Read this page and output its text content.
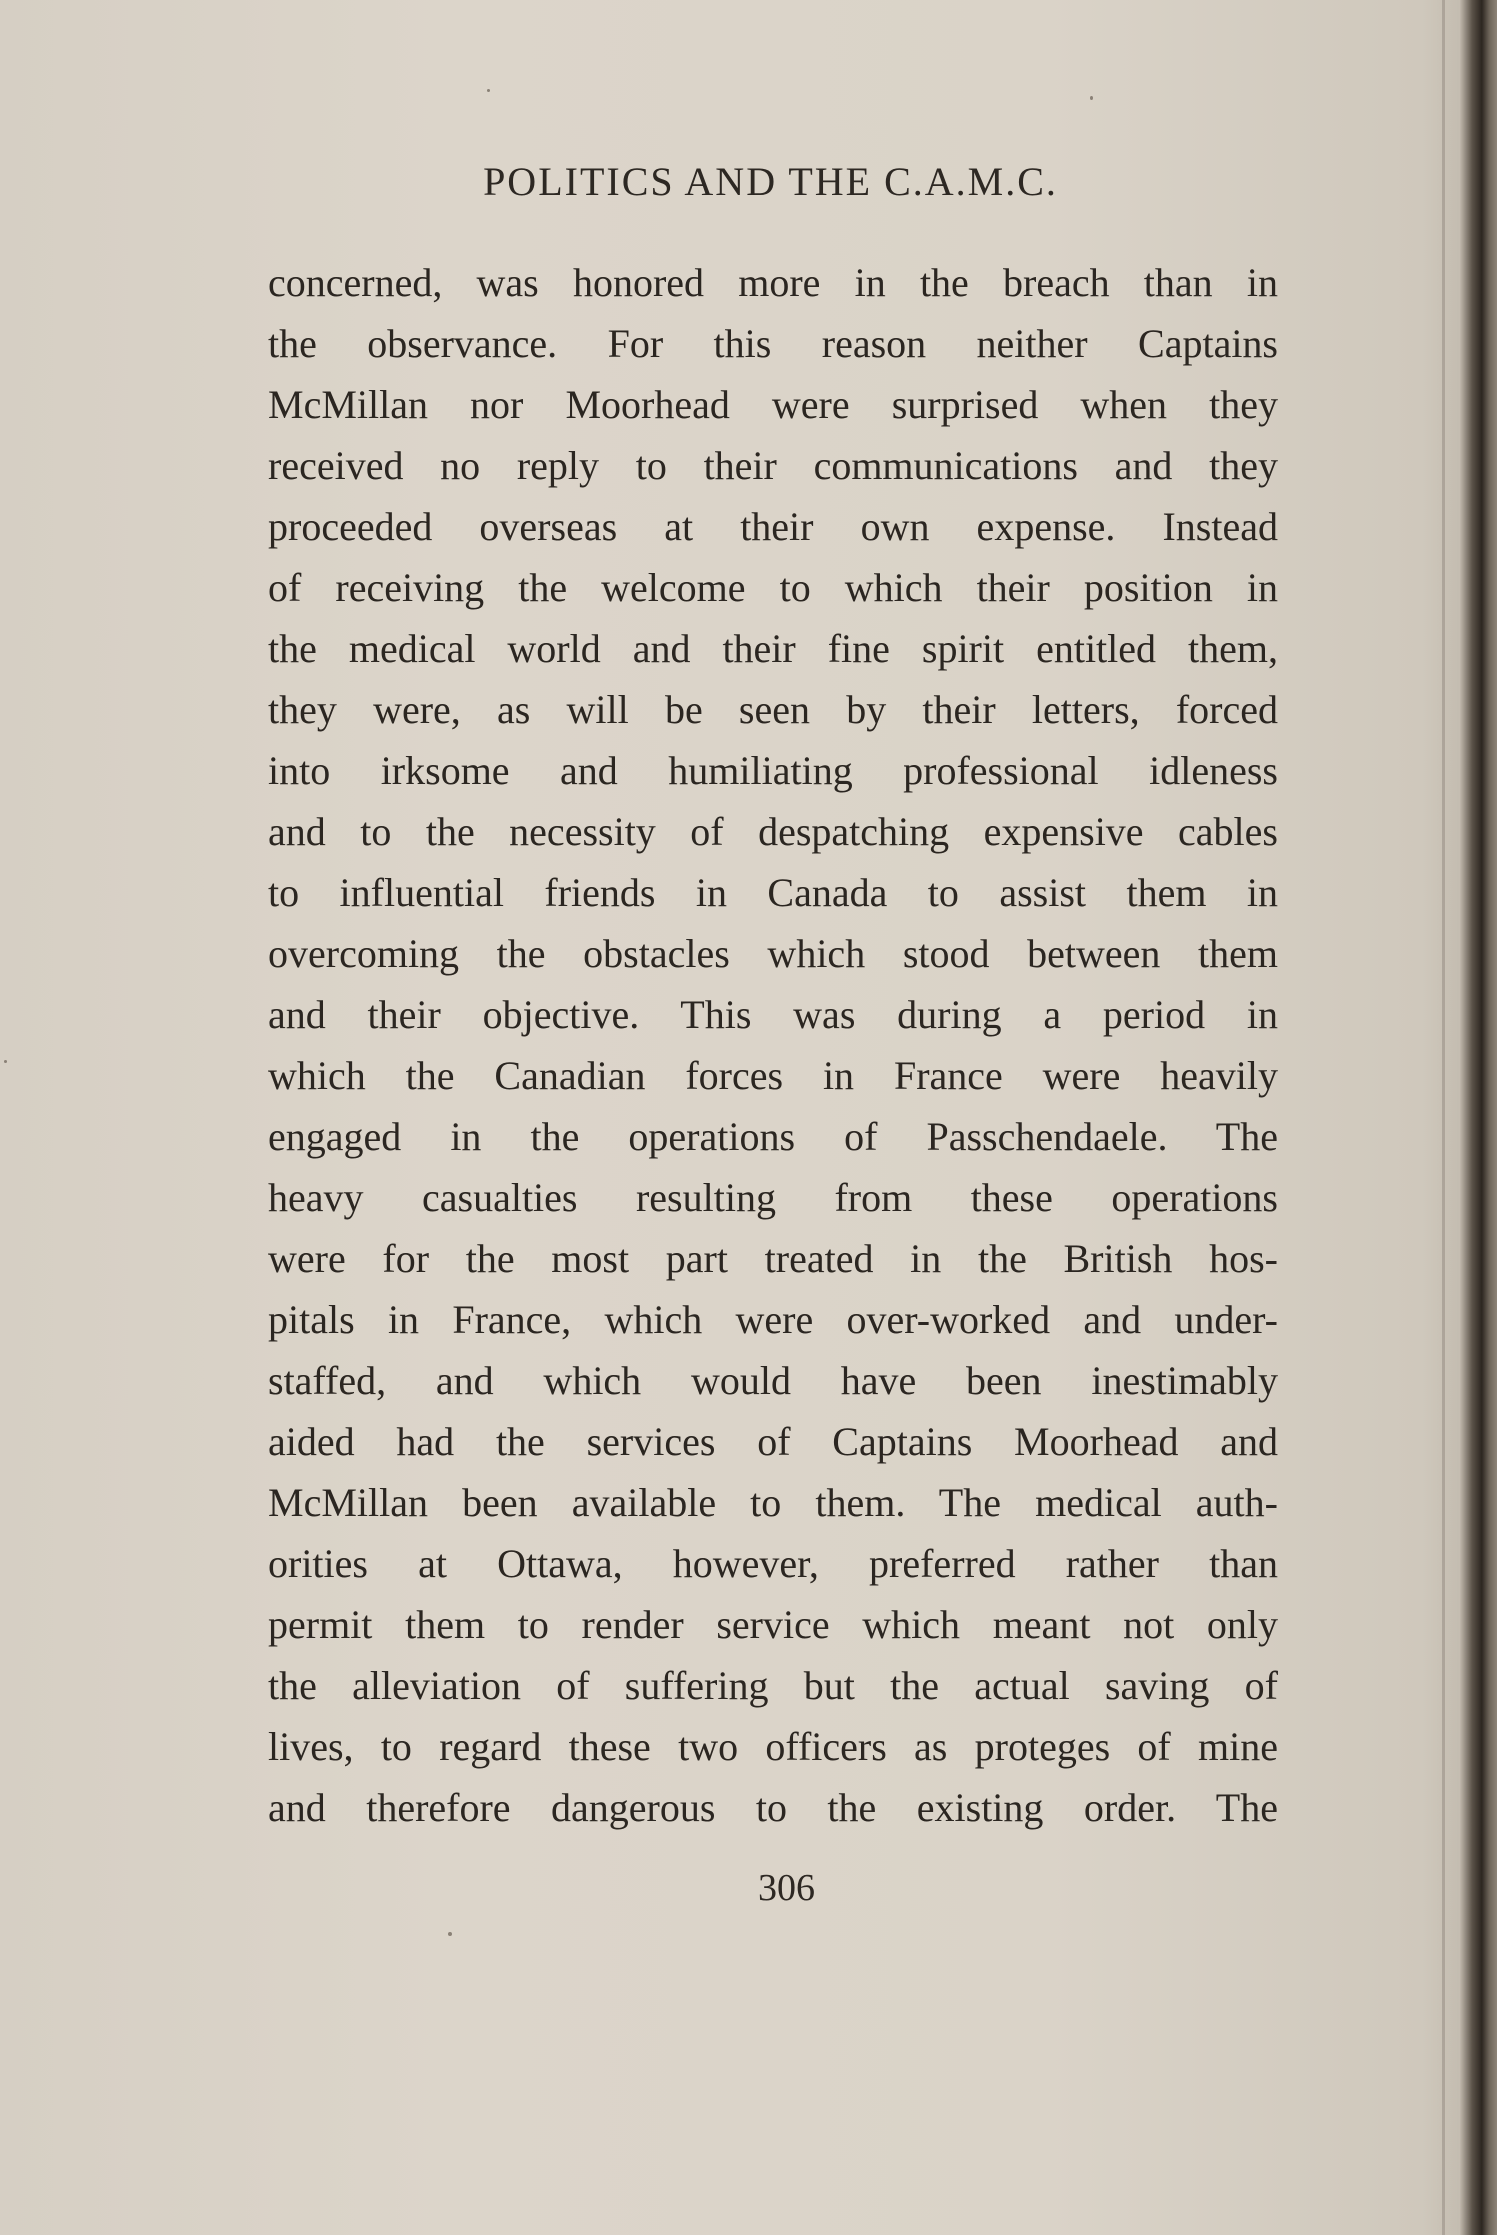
POLITICS AND THE C.A.M.C.
concerned, was honored more in the breach than in
the observance. For this reason neither Captains
McMillan nor Moorhead were surprised when they
received no reply to their communications and they
proceeded overseas at their own expense. Instead
of receiving the welcome to which their position in
the medical world and their fine spirit entitled them,
they were, as will be seen by their letters, forced
into irksome and humiliating professional idleness
and to the necessity of despatching expensive cables
to influential friends in Canada to assist them in
overcoming the obstacles which stood between them
and their objective. This was during a period in
which the Canadian forces in France were heavily
engaged in the operations of Passchendaele. The
heavy casualties resulting from these operations
were for the most part treated in the British hos-
pitals in France, which were over-worked and under-
staffed, and which would have been inestimably
aided had the services of Captains Moorhead and
McMillan been available to them. The medical auth-
orities at Ottawa, however, preferred rather than
permit them to render service which meant not only
the alleviation of suffering but the actual saving of
lives, to regard these two officers as proteges of mine
and therefore dangerous to the existing order. The
306
